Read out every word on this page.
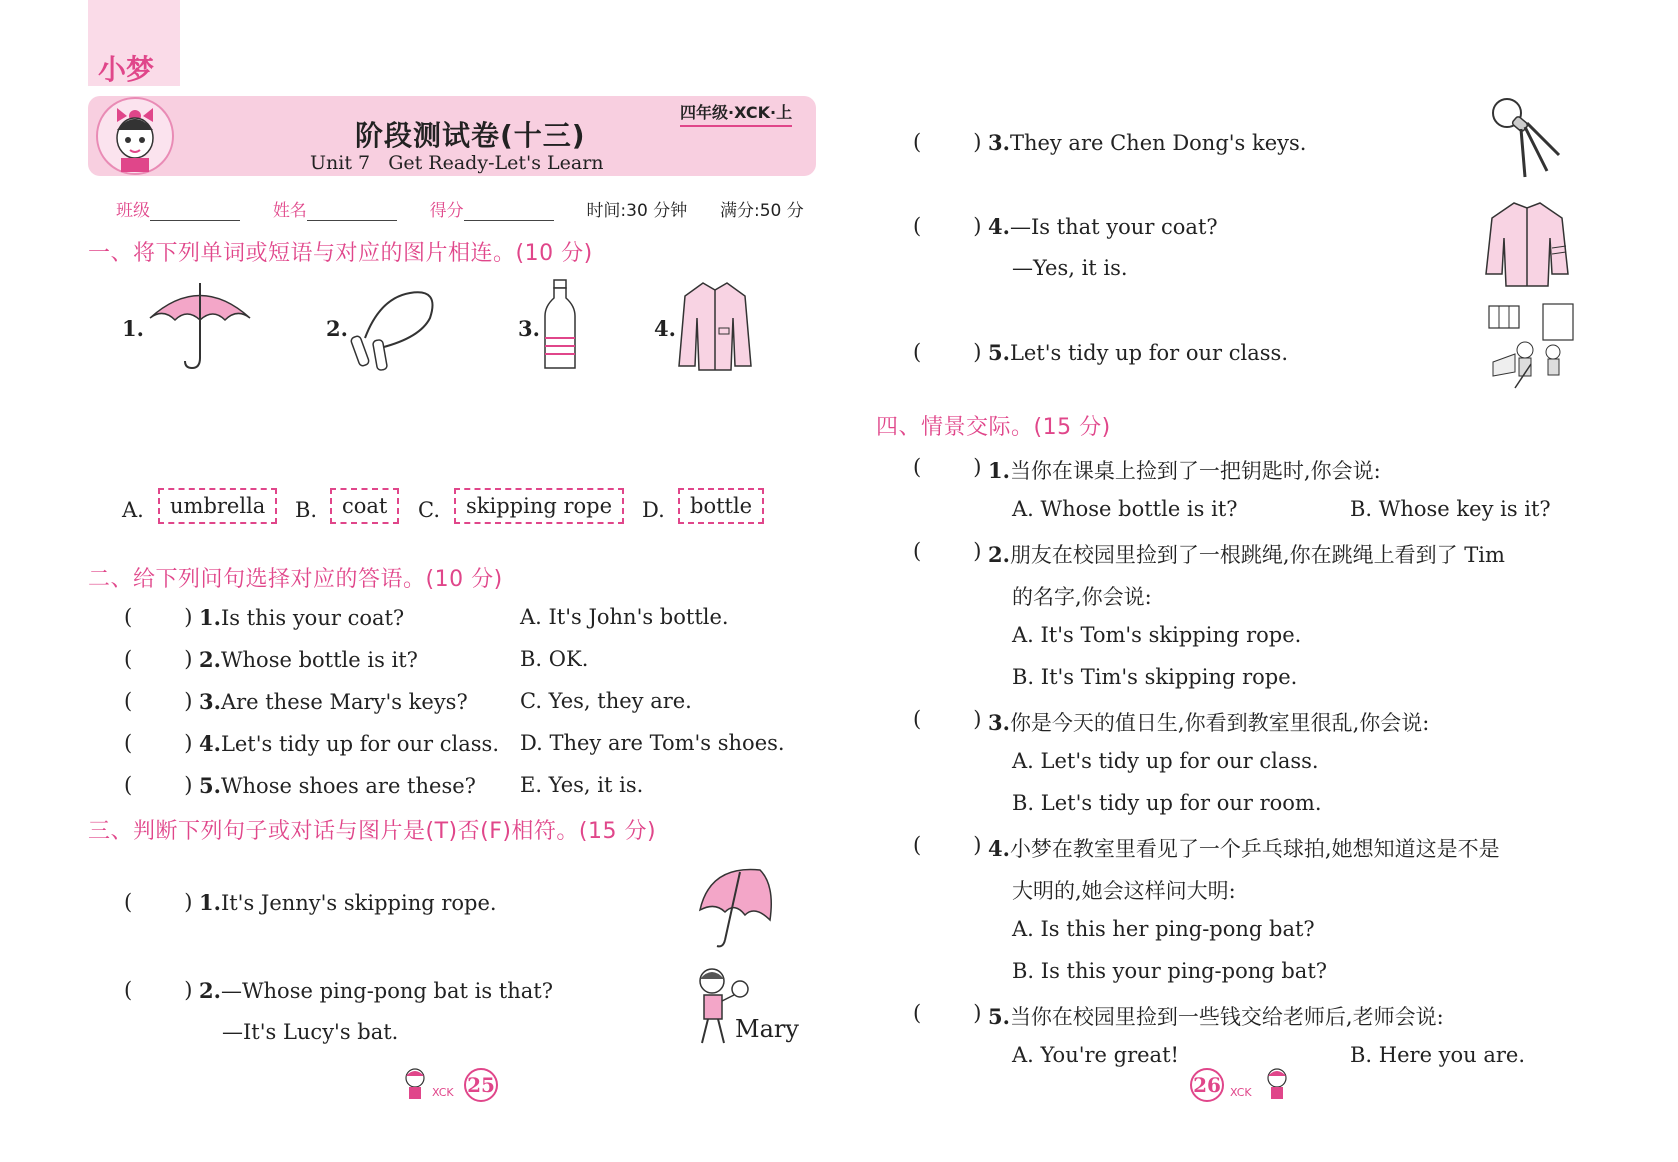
小梦
阶段测试卷(十三)
Unit 7   Get Ready-Let's Learn
四年级·XCK·上
班级	姓名	得分	时间:30 分钟 满分:50 分
一、将下列单词或短语与对应的图片相连。(10 分)
1.	2.	3.	4.
A.	umbrella	B.	coat	C.	skipping rope	D.	bottle
二、给下列问句选择对应的答语。(10 分)
( ) 1.Is this your coat?	A. It's John's bottle.
( ) 2.Whose bottle is it?	B. OK.
( ) 3.Are these Mary's keys? C. Yes, they are.
( ) 4.Let's tidy up for our class. D. They are Tom's shoes.
( ) 5.Whose shoes are these? E. Yes, it is.
三、判断下列句子或对话与图片是(T)否(F)相符。(15 分)
( ) 1.It's Jenny's skipping rope.
( ) 2.—Whose ping-pong bat is that?
—It's Lucy's bat.	Mary
XCK 25
( ) 3.They are Chen Dong's keys.
( ) 4.—Is that your coat?
—Yes, it is.
( ) 5.Let's tidy up for our class.
四、情景交际。(15 分)
( ) 1.当你在课桌上捡到了一把钥匙时,你会说:
A. Whose bottle is it?	B. Whose key is it?
( ) 2.朋友在校园里捡到了一根跳绳,你在跳绳上看到了 Tim
的名字,你会说:
A. It's Tom's skipping rope.
B. It's Tim's skipping rope.
( ) 3.你是今天的值日生,你看到教室里很乱,你会说:
A. Let's tidy up for our class.
B. Let's tidy up for our room.
( ) 4.小梦在教室里看见了一个乒乓球拍,她想知道这是不是
大明的,她会这样问大明:
A. Is this her ping-pong bat?
B. Is this your ping-pong bat?
( ) 5.当你在校园里捡到一些钱交给老师后,老师会说:
A. You're great!	B. Here you are.
26 XCK
